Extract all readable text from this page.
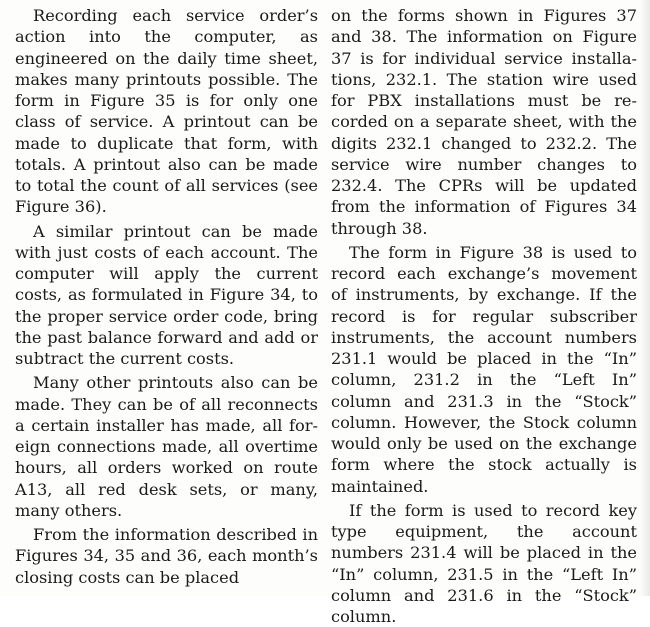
Recording each service order’s action into the computer, as engineered on the daily time sheet, makes many printouts possible. The form in Figure 35 is for only one class of service. A printout can be made to duplicate that form, with totals. A printout also can be made to total the count of all services (see Figure 36).

A similar printout can be made with just costs of each account. The computer will apply the current costs, as formulated in Figure 34, to the proper service order code, bring the past balance forward and add or subtract the current costs.

Many other printouts also can be made. They can be of all reconnects a certain installer has made, all foreign connections made, all overtime hours, all orders worked on route A13, all red desk sets, or many, many others.

From the information described in Figures 34, 35 and 36, each month’s closing costs can be placed

on the forms shown in Figures 37 and 38. The information on Figure 37 is for individual service installations, 232.1. The station wire used for PBX installations must be recorded on a separate sheet, with the digits 232.1 changed to 232.2. The service wire number changes to 232.4. The CPRs will be updated from the information of Figures 34 through 38.

The form in Figure 38 is used to record each exchange’s movement of instruments, by exchange. If the record is for regular subscriber instruments, the account numbers 231.1 would be placed in the “In” column, 231.2 in the “Left In” column and 231.3 in the “Stock” column. However, the Stock column would only be used on the exchange form where the stock actually is maintained.

If the form is used to record key type equipment, the account numbers 231.4 will be placed in the “In” column, 231.5 in the “Left In” column and 231.6 in the “Stock” column.
